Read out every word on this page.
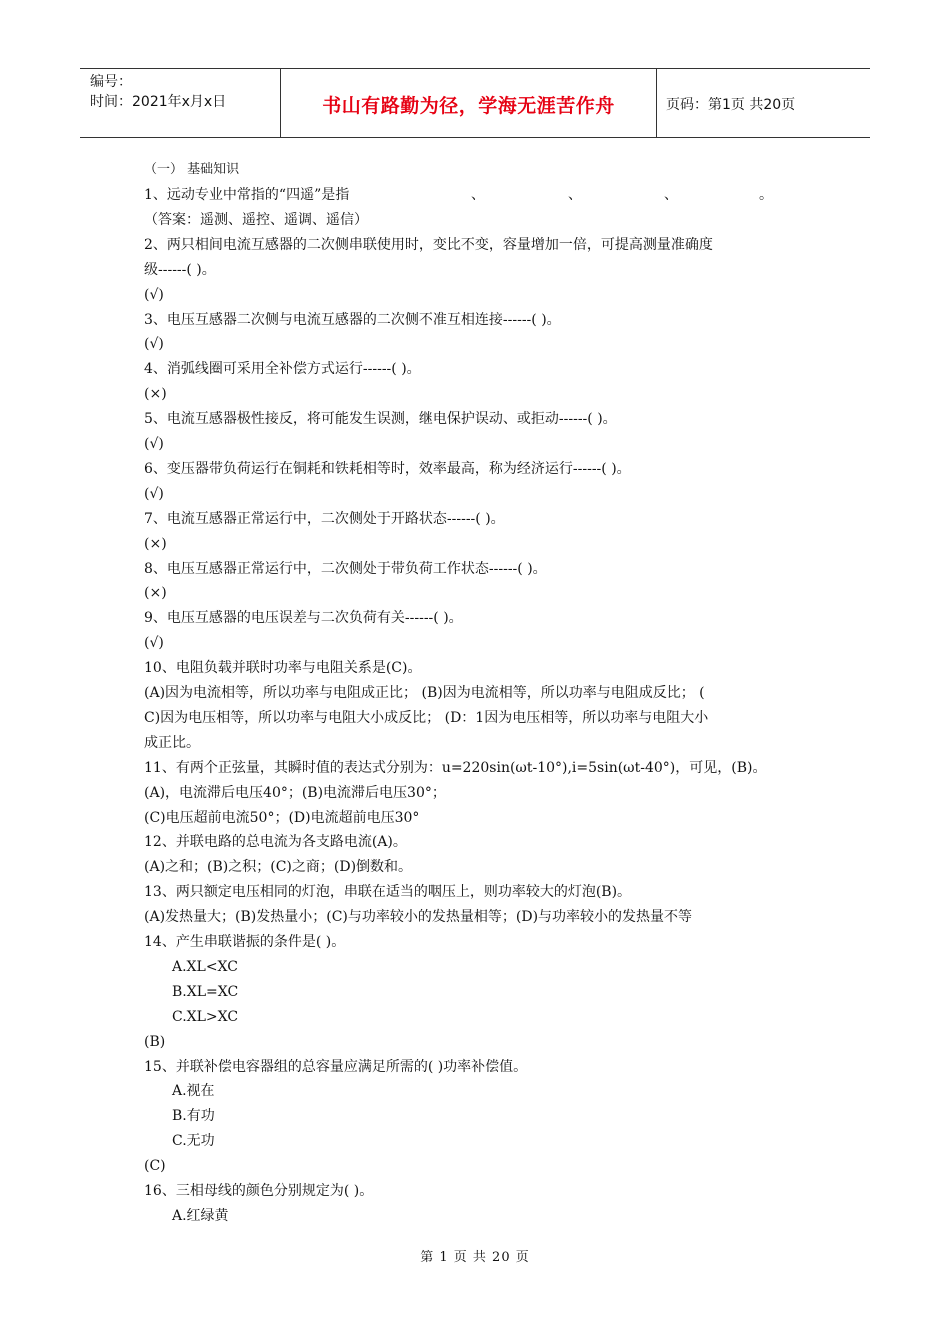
编号：
时间：2021年x月x日	书山有路勤为径，学海无涯苦作舟	页码：第1页 共20页
（一） 基础知识
、	、	、	。
1、远动专业中常指的“四遥”是指
（答案：遥测、遥控、遥调、遥信）
2、两只相间电流互感器的二次侧串联使用时，变比不变，容量增加一倍，可提高测量准确度
级------( )。
(√)
3、电压互感器二次侧与电流互感器的二次侧不准互相连接------( )。
(√)
4、消弧线圈可采用全补偿方式运行------( )。
(×)
5、电流互感器极性接反，将可能发生误测，继电保护误动、或拒动------( )。
(√)
6、变压器带负荷运行在铜耗和铁耗相等时，效率最高，称为经济运行------( )。
(√)
7、电流互感器正常运行中，二次侧处于开路状态------( )。
(×)
8、电压互感器正常运行中，二次侧处于带负荷工作状态------( )。
(×)
9、电压互感器的电压误差与二次负荷有关------( )。
(√)
10、电阻负载并联时功率与电阻关系是(C)。
(A)因为电流相等，所以功率与电阻成正比； (B)因为电流相等，所以功率与电阻成反比； (
C)因为电压相等，所以功率与电阻大小成反比； (D：1因为电压相等，所以功率与电阻大小
成正比。
11、有两个正弦量，其瞬时值的表达式分别为：u=220sin(ωt-10°),i=5sin(ωt-40°)，可见，(B)。
(A)，电流滞后电压40°；(B)电流滞后电压30°；
(C)电压超前电流50°；(D)电流超前电压30°
12、并联电路的总电流为各支路电流(A)。
(A)之和；(B)之积；(C)之商；(D)倒数和。
13、两只额定电压相同的灯泡，串联在适当的咽压上，则功率较大的灯泡(B)。
(A)发热量大；(B)发热量小；(C)与功率较小的发热量相等；(D)与功率较小的发热量不等
14、产生串联谐振的条件是( )。
A.XL<XC
B.XL=XC
C.XL>XC
(B)
15、并联补偿电容器组的总容量应满足所需的( )功率补偿值。
A.视在
B.有功
C.无功
(C)
16、三相母线的颜色分别规定为( )。
A.红绿黄
第 1 页 共 20 页
